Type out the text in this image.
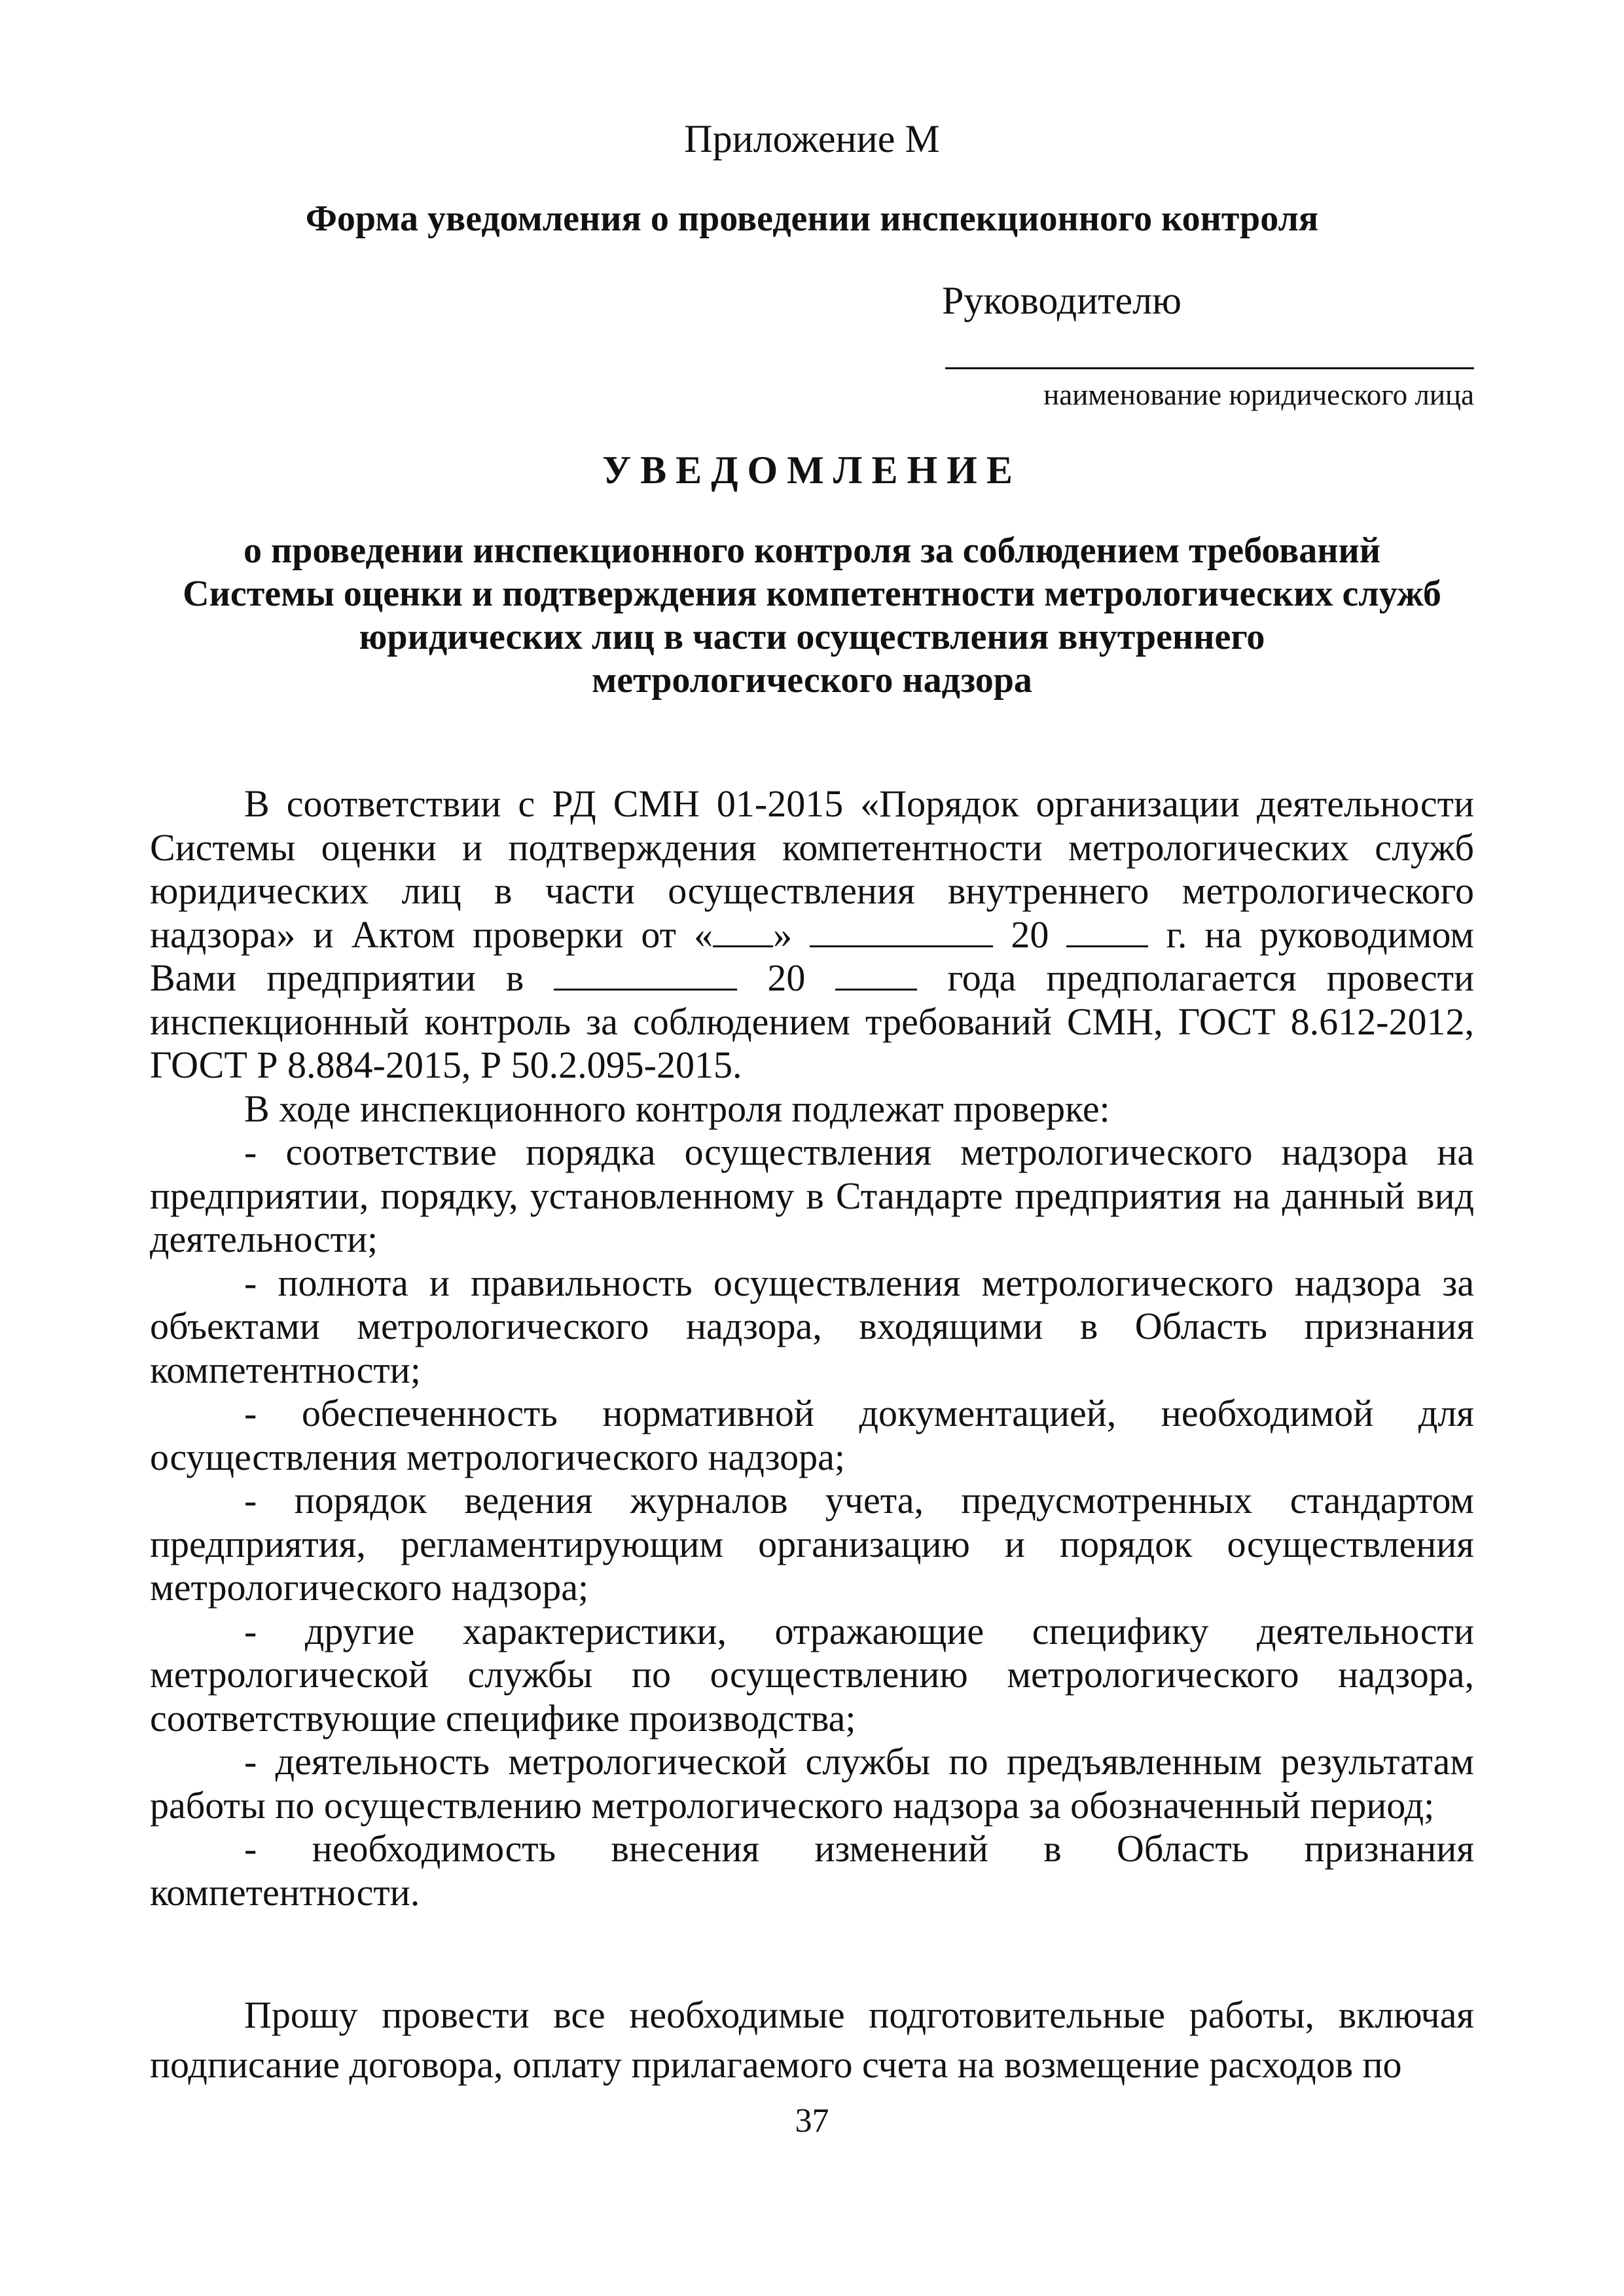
Приложение М
Форма уведомления о проведении инспекционного контроля
Руководителю
наименование юридического лица
УВЕДОМЛЕНИЕ
о проведении инспекционного контроля за соблюдением требований
Системы оценки и подтверждения компетентности метрологических служб
юридических лиц в части осуществления внутреннего
метрологического надзора

В соответствии с РД СМН 01-2015 «Порядок организации деятельности Системы оценки и подтверждения компетентности метрологических служб юридических лиц в части осуществления внутреннего метрологического надзора» и Актом проверки от « »	20	г. на руководимом Вами предприятии в	20	года предполагается провести инспекционный контроль за соблюдением требований СМН, ГОСТ 8.612-2012, ГОСТ Р 8.884-2015, Р 50.2.095-2015.

В ходе инспекционного контроля подлежат проверке:

- соответствие порядка осуществления метрологического надзора на предприятии, порядку, установленному в Стандарте предприятия на данный вид деятельности;

- полнота и правильность осуществления метрологического надзора за объектами метрологического надзора, входящими в Область признания компетентности;

- обеспеченность нормативной документацией, необходимой для осуществления метрологического надзора;

- порядок ведения журналов учета, предусмотренных стандартом предприятия, регламентирующим организацию и порядок осуществления метрологического надзора;

- другие характеристики, отражающие специфику деятельности метрологической службы по осуществлению метрологического надзора, соответствующие специфике производства;

- деятельность метрологической службы по предъявленным результатам работы по осуществлению метрологического надзора за обозначенный период;

- необходимость внесения изменений в Область признания компетентности.

Прошу провести все необходимые подготовительные работы, включая подписание договора, оплату прилагаемого счета на возмещение расходов по

37
